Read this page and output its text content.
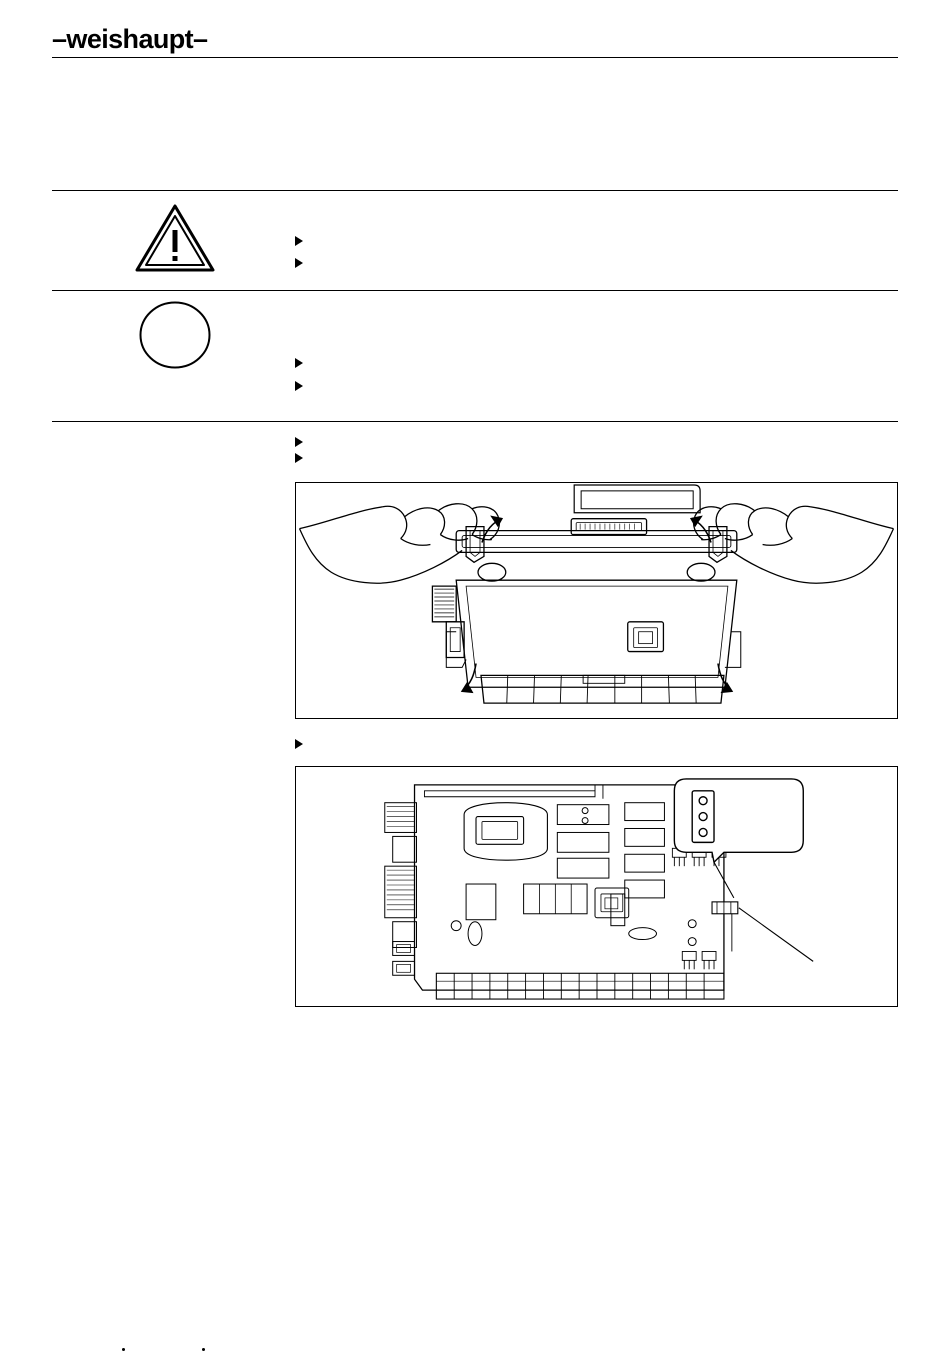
–weishaupt–
